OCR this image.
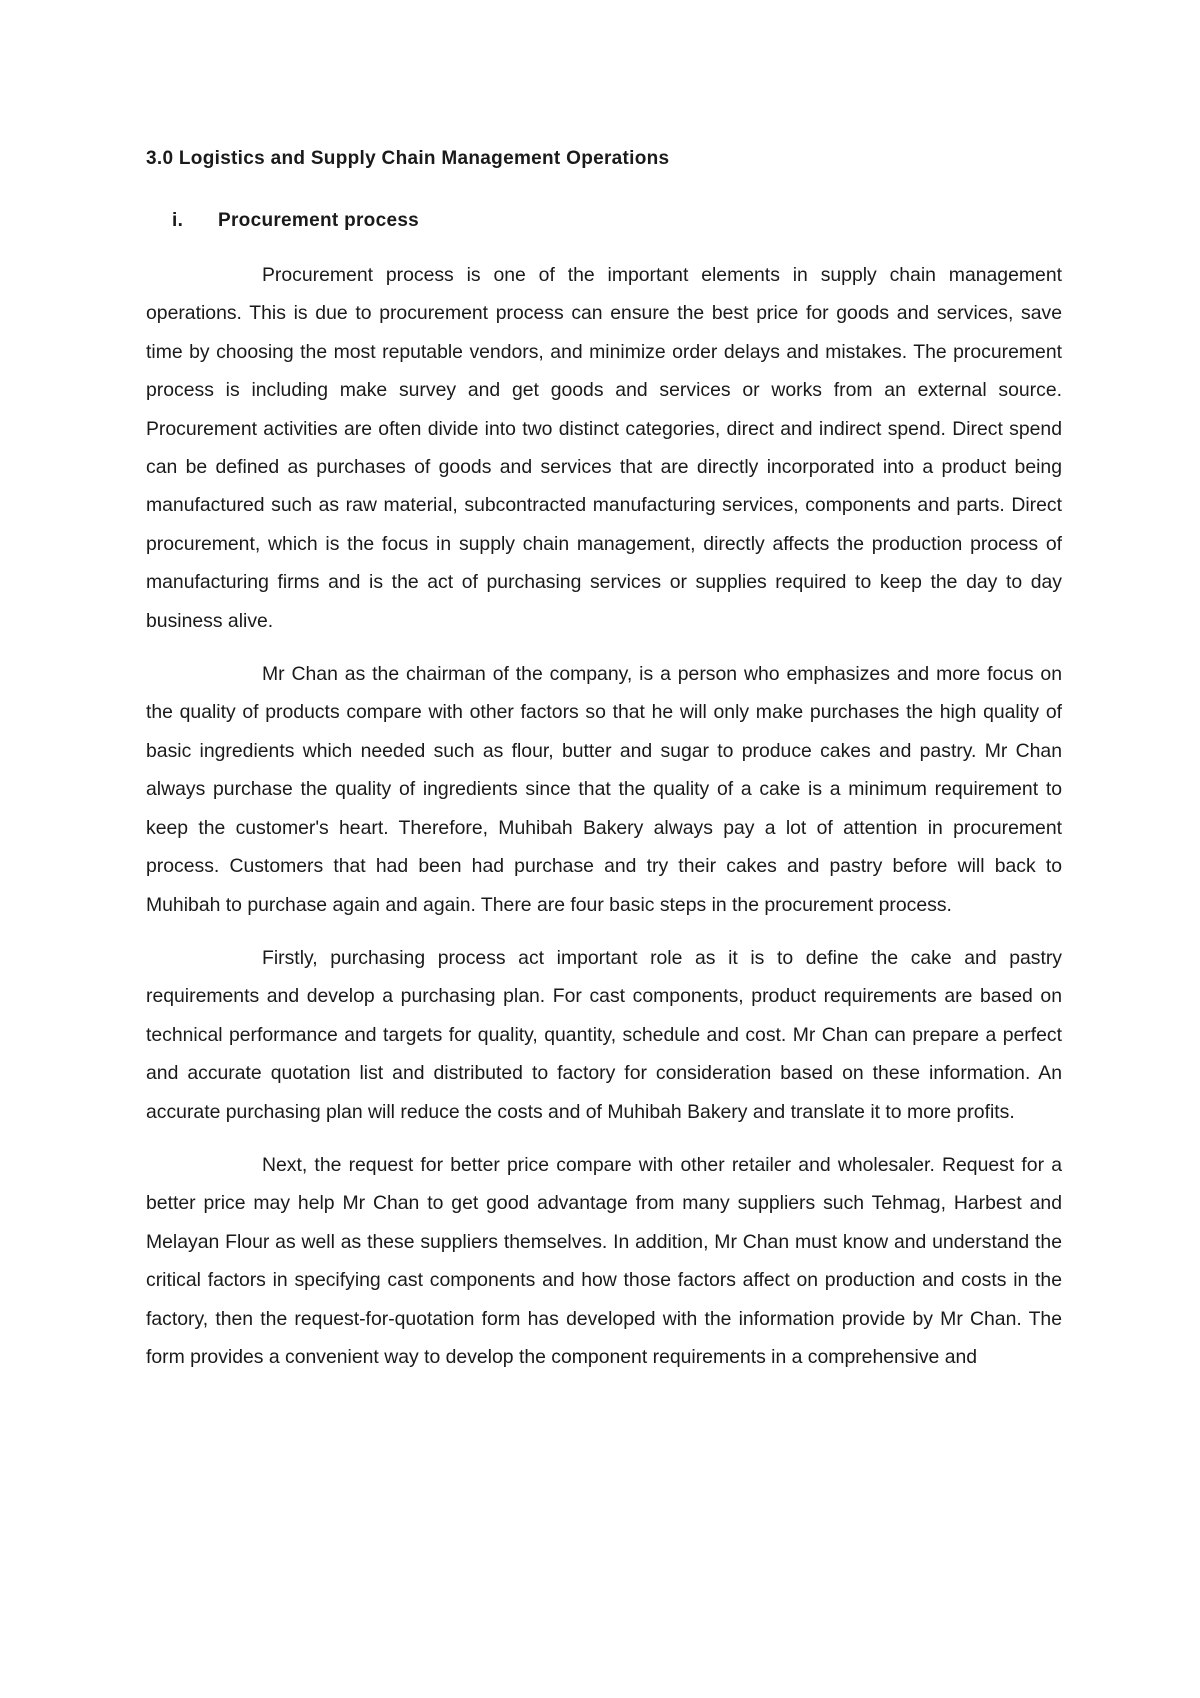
3.0 Logistics and Supply Chain Management Operations
i.	Procurement process

Procurement process is one of the important elements in supply chain management operations. This is due to procurement process can ensure the best price for goods and services, save time by choosing the most reputable vendors, and minimize order delays and mistakes. The procurement process is including make survey and get goods and services or works from an external source. Procurement activities are often divide into two distinct categories, direct and indirect spend. Direct spend can be defined as purchases of goods and services that are directly incorporated into a product being manufactured such as raw material, subcontracted manufacturing services, components and parts. Direct procurement, which is the focus in supply chain management, directly affects the production process of manufacturing firms and is the act of purchasing services or supplies required to keep the day to day business alive.

Mr Chan as the chairman of the company, is a person who emphasizes and more focus on the quality of products compare with other factors so that he will only make purchases the high quality of basic ingredients which needed such as flour, butter and sugar to produce cakes and pastry. Mr Chan always purchase the quality of ingredients since that the quality of a cake is a minimum requirement to keep the customer's heart. Therefore, Muhibah Bakery always pay a lot of attention in procurement process. Customers that had been had purchase and try their cakes and pastry before will back to Muhibah to purchase again and again. There are four basic steps in the procurement process.

Firstly, purchasing process act important role as it is to define the cake and pastry requirements and develop a purchasing plan. For cast components, product requirements are based on technical performance and targets for quality, quantity, schedule and cost. Mr Chan can prepare a perfect and accurate quotation list and distributed to factory for consideration based on these information. An accurate purchasing plan will reduce the costs and of Muhibah Bakery and translate it to more profits.

Next, the request for better price compare with other retailer and wholesaler. Request for a better price may help Mr Chan to get good advantage from many suppliers such Tehmag, Harbest and Melayan Flour as well as these suppliers themselves. In addition, Mr Chan must know and understand the critical factors in specifying cast components and how those factors affect on production and costs in the factory, then the request-for-quotation form has developed with the information provide by Mr Chan. The form provides a convenient way to develop the component requirements in a comprehensive and
